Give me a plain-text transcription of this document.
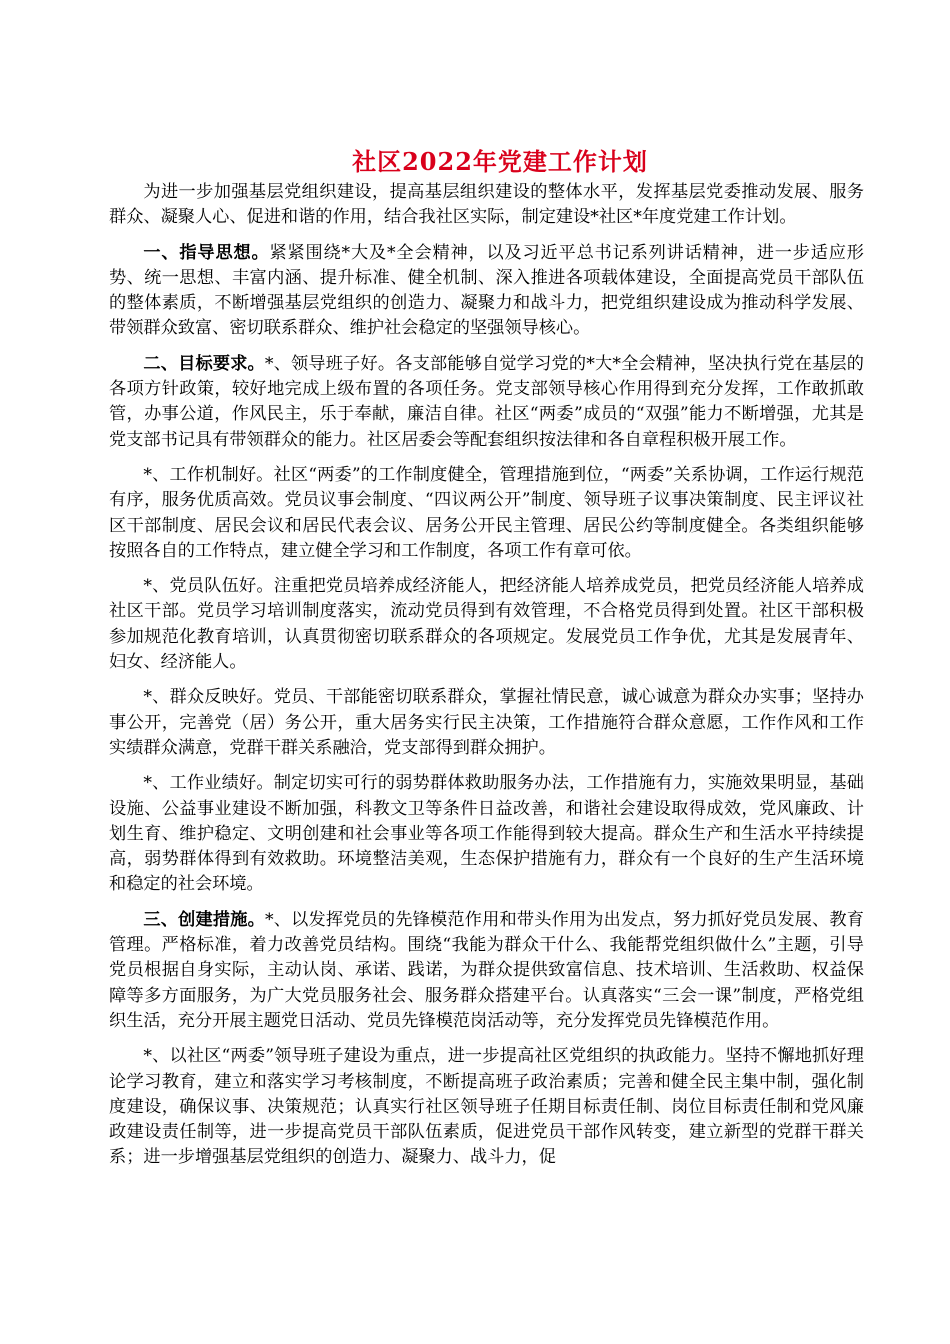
社区2022年党建工作计划

为进一步加强基层党组织建设，提高基层组织建设的整体水平，发挥基层党委推动发展、服务群众、凝聚人心、促进和谐的作用，结合我社区实际，制定建设*社区*年度党建工作计划。

一、指导思想。紧紧围绕*大及*全会精神，以及习近平总书记系列讲话精神，进一步适应形势、统一思想、丰富内涵、提升标准、健全机制、深入推进各项载体建设，全面提高党员干部队伍的整体素质，不断增强基层党组织的创造力、凝聚力和战斗力，把党组织建设成为推动科学发展、带领群众致富、密切联系群众、维护社会稳定的坚强领导核心。

二、目标要求。*、领导班子好。各支部能够自觉学习党的*大*全会精神，坚决执行党在基层的各项方针政策，较好地完成上级布置的各项任务。党支部领导核心作用得到充分发挥，工作敢抓敢管，办事公道，作风民主，乐于奉献，廉洁自律。社区“两委”成员的“双强”能力不断增强，尤其是党支部书记具有带领群众的能力。社区居委会等配套组织按法律和各自章程积极开展工作。

*、工作机制好。社区“两委”的工作制度健全，管理措施到位，“两委”关系协调，工作运行规范有序，服务优质高效。党员议事会制度、“四议两公开”制度、领导班子议事决策制度、民主评议社区干部制度、居民会议和居民代表会议、居务公开民主管理、居民公约等制度健全。各类组织能够按照各自的工作特点，建立健全学习和工作制度，各项工作有章可依。

*、党员队伍好。注重把党员培养成经济能人，把经济能人培养成党员，把党员经济能人培养成社区干部。党员学习培训制度落实，流动党员得到有效管理，不合格党员得到处置。社区干部积极参加规范化教育培训，认真贯彻密切联系群众的各项规定。发展党员工作争优，尤其是发展青年、妇女、经济能人。

*、群众反映好。党员、干部能密切联系群众，掌握社情民意，诚心诚意为群众办实事；坚持办事公开，完善党（居）务公开，重大居务实行民主决策，工作措施符合群众意愿，工作作风和工作实绩群众满意，党群干群关系融洽，党支部得到群众拥护。

*、工作业绩好。制定切实可行的弱势群体救助服务办法，工作措施有力，实施效果明显，基础设施、公益事业建设不断加强，科教文卫等条件日益改善，和谐社会建设取得成效，党风廉政、计划生育、维护稳定、文明创建和社会事业等各项工作能得到较大提高。群众生产和生活水平持续提高，弱势群体得到有效救助。环境整洁美观，生态保护措施有力，群众有一个良好的生产生活环境和稳定的社会环境。

三、创建措施。*、以发挥党员的先锋模范作用和带头作用为出发点，努力抓好党员发展、教育管理。严格标准，着力改善党员结构。围绕“我能为群众干什么、我能帮党组织做什么”主题，引导党员根据自身实际，主动认岗、承诺、践诺，为群众提供致富信息、技术培训、生活救助、权益保障等多方面服务，为广大党员服务社会、服务群众搭建平台。认真落实“三会一课”制度，严格党组织生活，充分开展主题党日活动、党员先锋模范岗活动等，充分发挥党员先锋模范作用。

*、以社区“两委”领导班子建设为重点，进一步提高社区党组织的执政能力。坚持不懈地抓好理论学习教育，建立和落实学习考核制度，不断提高班子政治素质；完善和健全民主集中制，强化制度建设，确保议事、决策规范；认真实行社区领导班子任期目标责任制、岗位目标责任制和党风廉政建设责任制等，进一步提高党员干部队伍素质，促进党员干部作风转变，建立新型的党群干群关系；进一步增强基层党组织的创造力、凝聚力、战斗力，促
